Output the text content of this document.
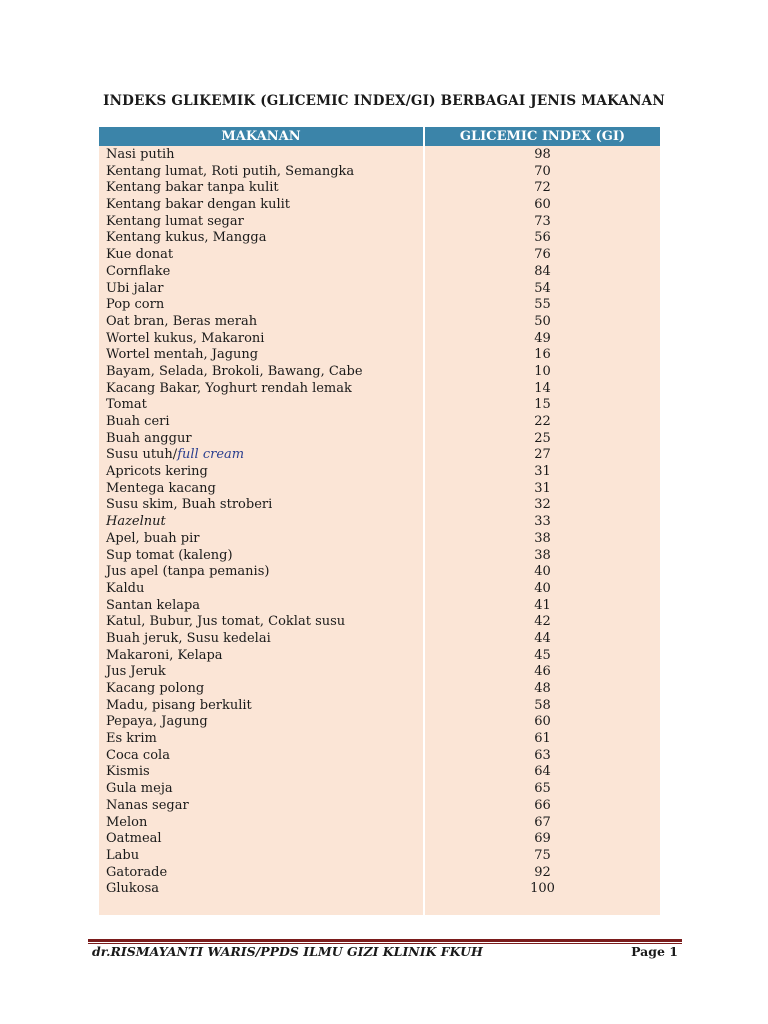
INDEKS GLIKEMIK (GLICEMIC INDEX/GI) BERBAGAI JENIS MAKANAN
MAKANAN	GLICEMIC INDEX (GI)
Nasi putih
Kentang lumat, Roti putih, Semangka
Kentang bakar tanpa kulit
Kentang bakar dengan kulit
Kentang lumat segar
Kentang kukus, Mangga
Kue donat
Cornflake
Ubi jalar
Pop corn
Oat bran, Beras merah
Wortel kukus, Makaroni
Wortel mentah, Jagung
Bayam, Selada, Brokoli, Bawang, Cabe
Kacang Bakar, Yoghurt rendah lemak
Tomat
Buah ceri
Buah anggur
Susu utuh/full cream
Apricots kering
Mentega kacang
Susu skim, Buah stroberi
Hazelnut
Apel, buah pir
Sup tomat (kaleng)
Jus apel (tanpa pemanis)
Kaldu
Santan kelapa
Katul, Bubur, Jus tomat, Coklat susu
Buah jeruk, Susu kedelai
Makaroni, Kelapa
Jus Jeruk
Kacang polong
Madu, pisang berkulit
Pepaya, Jagung
Es krim
Coca cola
Kismis
Gula meja
Nanas segar
Melon
Oatmeal
Labu
Gatorade
Glukosa
98
70
72
60
73
56
76
84
54
55
50
49
16
10
14
15
22
25
27
31
31
32
33
38
38
40
40
41
42
44
45
46
48
58
60
61
63
64
65
66
67
69
75
92
100
dr.RISMAYANTI WARIS/PPDS ILMU GIZI KLINIK FKUH	Page 1
